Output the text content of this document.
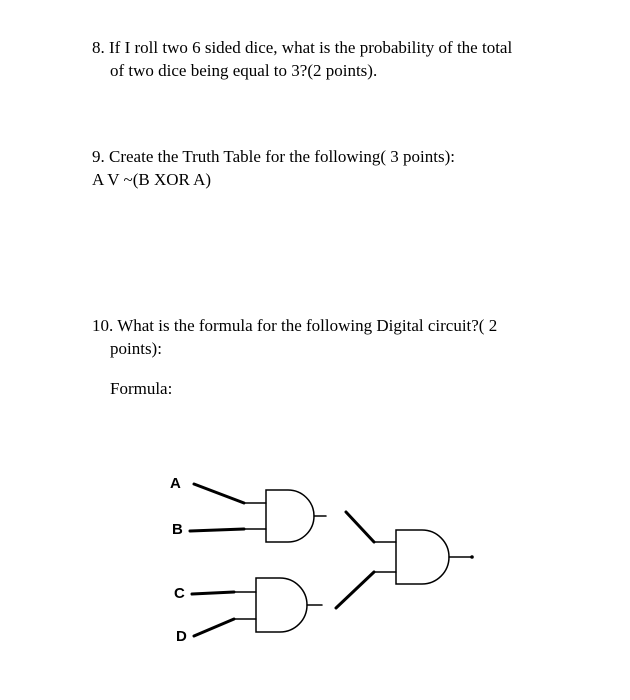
8. If I roll two 6 sided dice, what is the probability of the total
of two dice being equal to 3?(2 points).
9. Create the Truth Table for the following( 3 points):
A V ~(B XOR A)
10. What is the formula for the following Digital circuit?( 2
points):
Formula:
A
B
C
D
